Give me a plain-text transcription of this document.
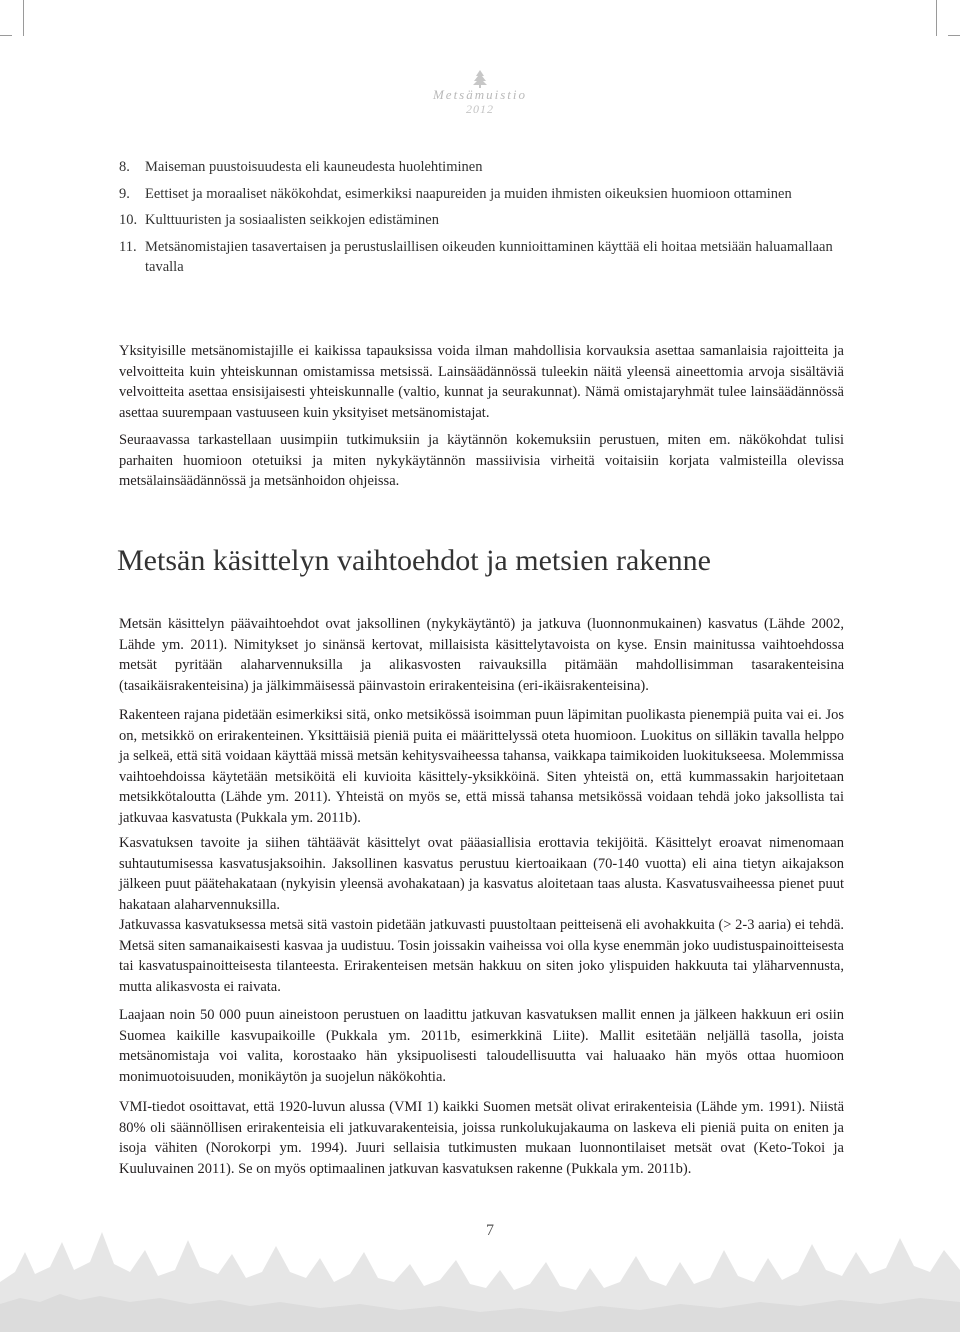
Metsämuistio
2012
8. Maiseman puustoisuudesta eli kauneudesta huolehtiminen
9. Eettiset ja moraaliset näkökohdat, esimerkiksi naapureiden ja muiden ihmisten oikeuksien huomioon ottaminen
10. Kulttuuristen ja sosiaalisten seikkojen edistäminen
11. Metsänomistajien tasavertaisen ja perustuslaillisen oikeuden kunnioittaminen käyttää eli hoitaa metsiään haluamallaan tavalla

Yksityisille metsänomistajille ei kaikissa tapauksissa voida ilman mahdollisia korvauksia asettaa samanlaisia rajoitteita ja velvoitteita kuin yhteiskunnan omistamissa metsissä. Lainsäädännössä tuleekin näitä yleensä aineettomia arvoja sisältäviä velvoitteita asettaa ensisijaisesti yhteiskunnalle (valtio, kunnat ja seurakunnat). Nämä omistajaryhmät tulee lainsäädännössä asettaa suurempaan vastuuseen kuin yksityiset metsänomistajat.

Seuraavassa tarkastellaan uusimpiin tutkimuksiin ja käytännön kokemuksiin perustuen, miten em. näkökohdat tulisi parhaiten huomioon otetuiksi ja miten nykykäytännön massiivisia virheitä voitaisiin korjata valmisteilla olevissa metsälainsäädännössä ja metsänhoidon ohjeissa.

Metsän käsittelyn vaihtoehdot ja metsien rakenne

Metsän käsittelyn päävaihtoehdot ovat jaksollinen (nykykäytäntö) ja jatkuva (luonnonmukainen) kasvatus (Lähde 2002, Lähde ym. 2011). Nimitykset jo sinänsä kertovat, millaisista käsittelytavoista on kyse. Ensin mainitussa vaihtoehdossa metsät pyritään alaharvennuksilla ja alikasvosten raivauksilla pitämään mahdollisimman tasarakenteisina (tasaikäisrakenteisina) ja jälkimmäisessä päinvastoin erirakenteisina (eri-ikäisrakenteisina).

Rakenteen rajana pidetään esimerkiksi sitä, onko metsikössä isoimman puun läpimitan puolikasta pienempiä puita vai ei. Jos on, metsikkö on erirakenteinen. Yksittäisiä pieniä puita ei määrittelyssä oteta huomioon. Luokitus on silläkin tavalla helppo ja selkeä, että sitä voidaan käyttää missä metsän kehitysvaiheessa tahansa, vaikkapa taimikoiden luokitukseesa. Molemmissa vaihtoehdoissa käytetään metsiköitä eli kuvioita käsittely-yksikköinä. Siten yhteistä on, että kummassakin harjoitetaan metsikkötaloutta (Lähde ym. 2011). Yhteistä on myös se, että missä tahansa metsikössä voidaan tehdä joko jaksollista tai jatkuvaa kasvatusta (Pukkala ym. 2011b).

Kasvatuksen tavoite ja siihen tähtäävät käsittelyt ovat pääasiallisia erottavia tekijöitä. Käsittelyt eroavat nimenomaan suhtautumisessa kasvatusjaksoihin. Jaksollinen kasvatus perustuu kiertoaikaan (70-140 vuotta) eli aina tietyn aikajakson jälkeen puut päätehakataan (nykyisin yleensä avohakataan) ja kasvatus aloitetaan taas alusta. Kasvatusvaiheessa pienet puut hakataan alaharvennuksilla.

Jatkuvassa kasvatuksessa metsä sitä vastoin pidetään jatkuvasti puustoltaan peitteisenä eli avohakkuita (> 2-3 aaria) ei tehdä. Metsä siten samanaikaisesti kasvaa ja uudistuu. Tosin joissakin vaiheissa voi olla kyse enemmän joko uudistuspainoitteisesta tai kasvatuspainoitteisesta tilanteesta. Erirakenteisen metsän hakkuu on siten joko ylispuiden hakkuuta tai yläharvennusta, mutta alikasvosta ei raivata.

Laajaan noin 50 000 puun aineistoon perustuen on laadittu jatkuvan kasvatuksen mallit ennen ja jälkeen hakkuun eri osiin Suomea kaikille kasvupaikoille (Pukkala ym. 2011b, esimerkkinä Liite). Mallit esitetään neljällä tasolla, joista metsänomistaja voi valita, korostaako hän yksipuolisesti taloudellisuutta vai haluaako hän myös ottaa huomioon monimuotoisuuden, monikäytön ja suojelun näkökohtia.

VMI-tiedot osoittavat, että 1920-luvun alussa (VMI 1) kaikki Suomen metsät olivat erirakenteisia (Lähde ym. 1991). Niistä 80% oli säännöllisen erirakenteisia eli jatkuvarakenteisia, joissa runkolukujakauma on laskeva eli pieniä puita on eniten ja isoja vähiten (Norokorpi ym. 1994). Juuri sellaisia tutkimusten mukaan luonnontilaiset metsät ovat (Keto-Tokoi ja Kuuluvainen 2011). Se on myös optimaalinen jatkuvan kasvatuksen rakenne (Pukkala ym. 2011b).

7
